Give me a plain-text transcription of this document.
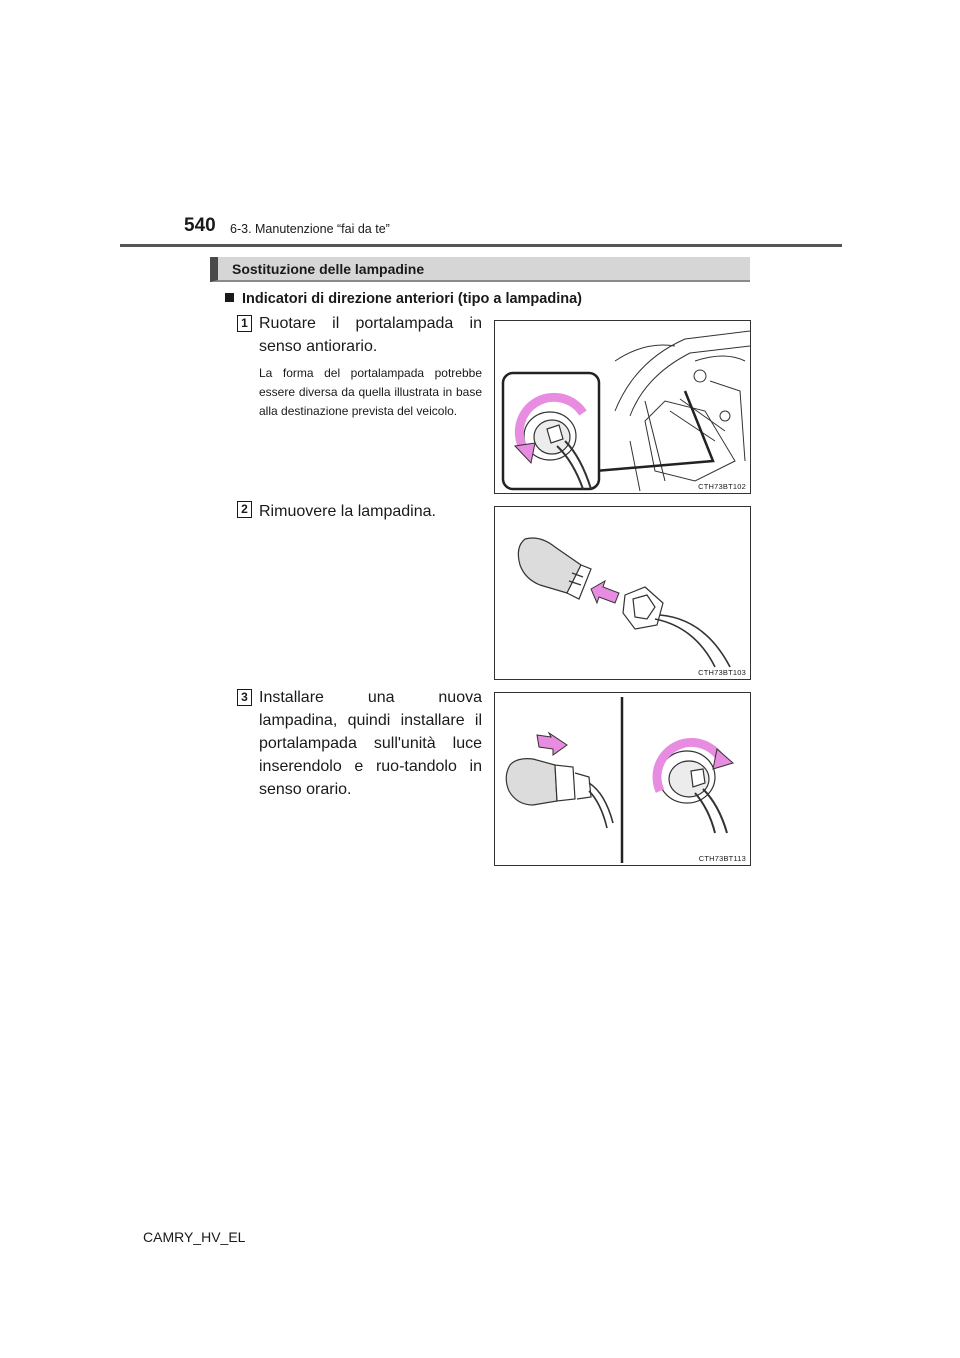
540 6-3. Manutenzione “fai da te”
Sostituzione delle lampadine
Indicatori di direzione anteriori (tipo a lampadina)
1 Ruotare il portalampada in senso antiorario.
La forma del portalampada potrebbe essere diversa da quella illustrata in base alla destinazione prevista del veicolo.
CTH73BT102
2 Rimuovere la lampadina.
CTH73BT103
3 Installare una nuova lampadina, quindi installare il portalampada sull'unità luce inserendolo e ruo-tandolo in senso orario.
CTH73BT113
CAMRY_HV_EL
